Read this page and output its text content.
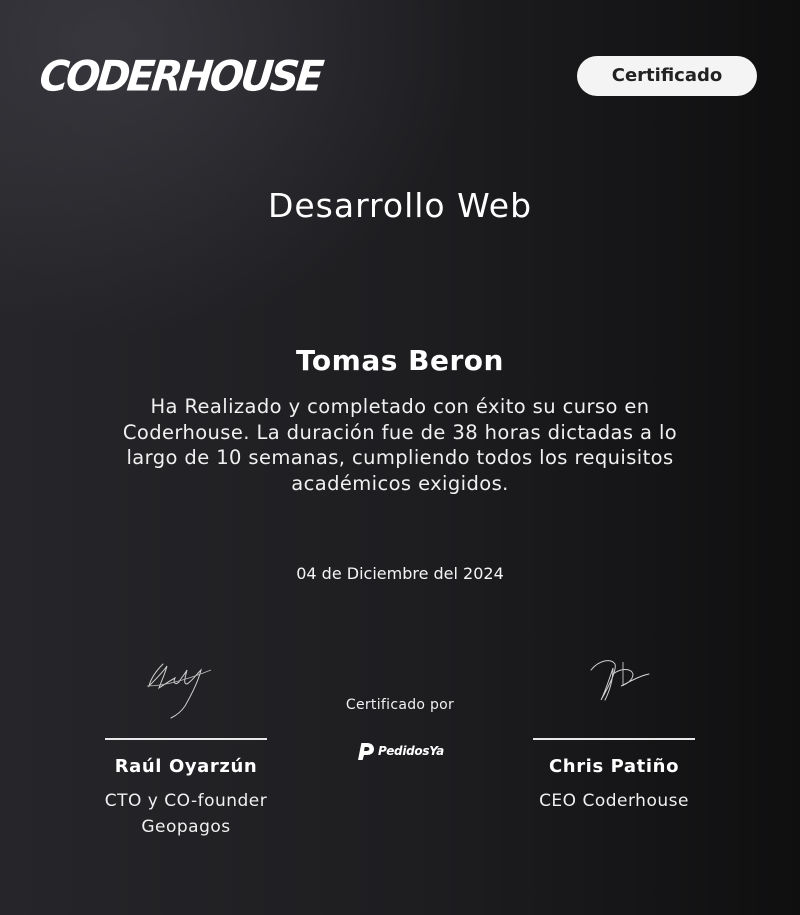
CODERHOUSE	Certificado
Desarrollo Web
Tomas Beron
Ha Realizado y completado con éxito su curso en Coderhouse. La duración fue de 38 horas dictadas a lo largo de 10 semanas, cumpliendo todos los requisitos académicos exigidos.
04 de Diciembre del 2024
Raúl Oyarzún
CTO y CO-founder Geopagos
Certificado por
PedidosYa
Chris Patiño
CEO Coderhouse
